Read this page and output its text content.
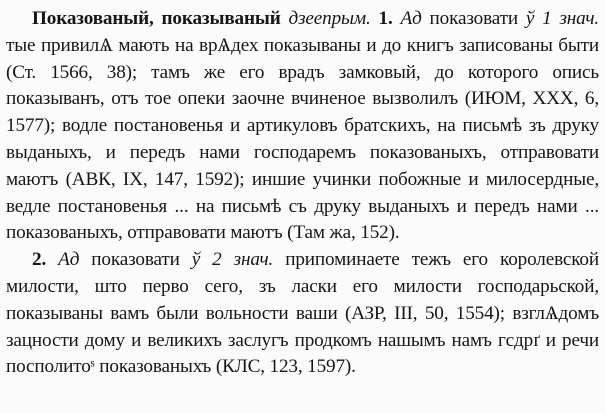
Показованый, показываный дзеeпрым. 1. Ад показовати ў 1 знач. тые привилѦ мають на врѦдех показываны и до книгъ записованы быти (Ст. 1566, 38); тамъ же его врадъ замковый, до которого опись показыванъ, отъ тое опеки заочне вчиненое вызволилъ (ИЮМ, XXX, 6, 1577); водле постановенья и артикуловъ братскихъ, на письмѣ зъ друку выданыхъ, и передъ нами господаремъ показованыхъ, отправовати маютъ (АВК, IX, 147, 1592); иншие учинки побожные и милосердные, ведле постановенья ... на письмѣ съ друку выданыхъ и передъ нами ... показованыхъ, отправовати маютъ (Там жа, 152).

2. Ад показовати ў 2 знач. припоминаете тежъ его королевской милости, што перво сего, зъ ласки его милости господарьской, показываны вамъ были вольности ваши (АЗР, III, 50, 1554); взглѦдомъ зацности дому и великихъ заслугъ продкомъ нашымъ намъ гсдрґ и речи посполитоˢ показованыхъ (КЛС, 123, 1597).
